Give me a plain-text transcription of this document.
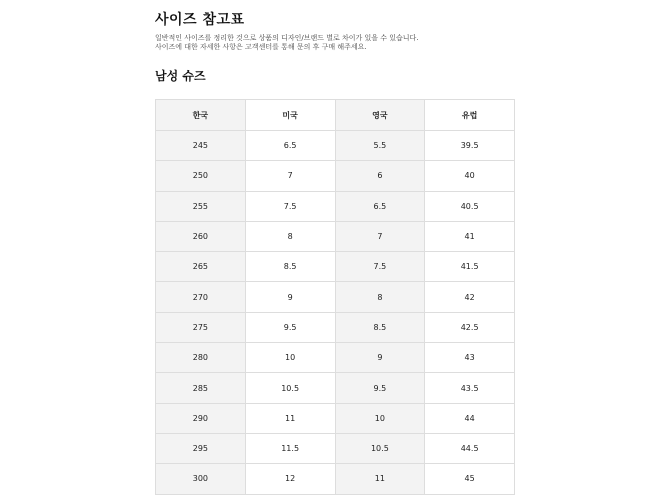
사이즈 참고표
일반적인 사이즈를 정리한 것으로 상품의 디자인/브랜드 별로 차이가 있을 수 있습니다.
사이즈에 대한 자세한 사항은 고객센터를 통해 문의 후 구매 해주세요.
남성 슈즈
한국	미국	영국	유럽
245	6.5	5.5	39.5
250	7	6	40
255	7.5	6.5	40.5
260	8	7	41
265	8.5	7.5	41.5
270	9	8	42
275	9.5	8.5	42.5
280	10	9	43
285	10.5	9.5	43.5
290	11	10	44
295	11.5	10.5	44.5
300	12	11	45
